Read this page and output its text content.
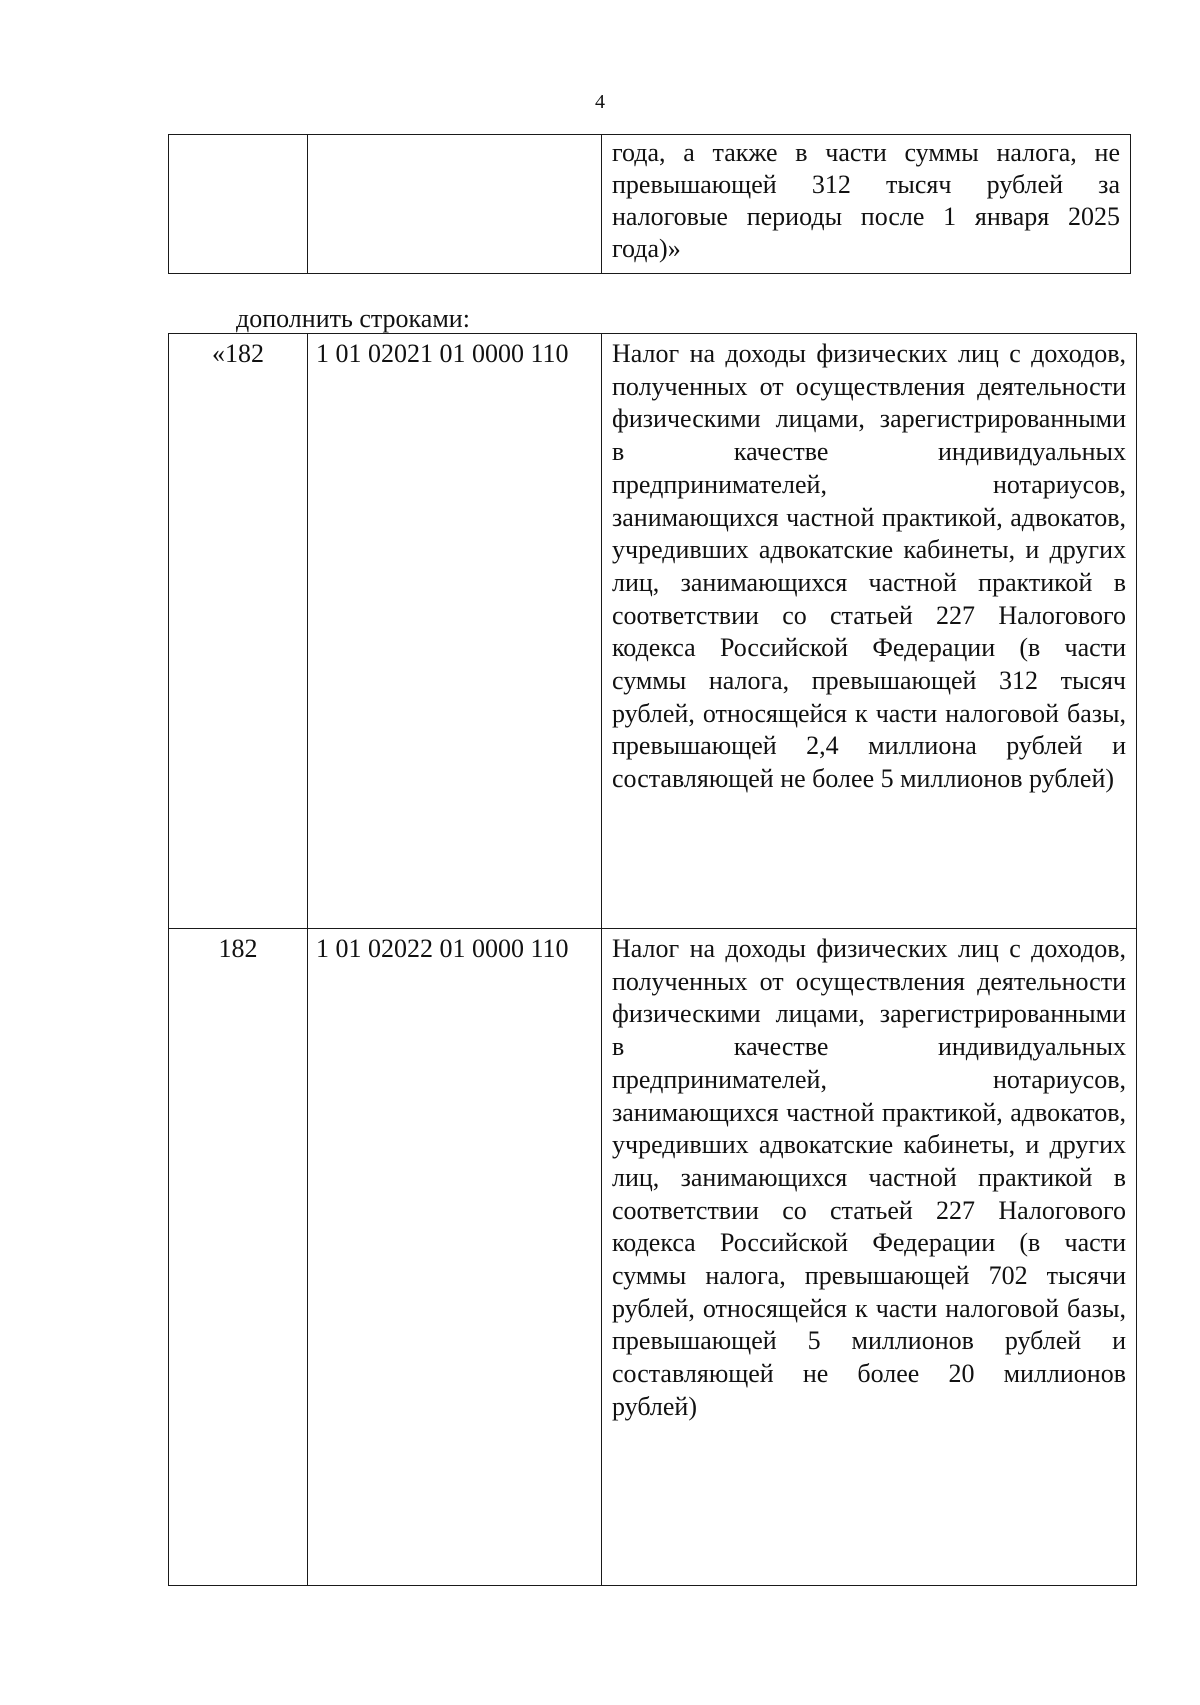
4
		года, а также в части суммы налога, не превышающей 312 тысяч рублей за налоговые периоды после 1 января 2025 года)»
дополнить строками:
«182	1 01 02021 01 0000 110	Налог на доходы физических лиц с доходов, полученных от осуществления деятельности физическими лицами, зарегистрированными в качестве индивидуальных предпринимателей, нотариусов, занимающихся частной практикой, адвокатов, учредивших адвокатские кабинеты, и других лиц, занимающихся частной практикой в соответствии со статьей 227 Налогового кодекса Российской Федерации (в части суммы налога, превышающей 312 тысяч рублей, относящейся к части налоговой базы, превышающей 2,4 миллиона рублей и составляющей не более 5 миллионов рублей)
182	1 01 02022 01 0000 110	Налог на доходы физических лиц с доходов, полученных от осуществления деятельности физическими лицами, зарегистрированными в качестве индивидуальных предпринимателей, нотариусов, занимающихся частной практикой, адвокатов, учредивших адвокатские кабинеты, и других лиц, занимающихся частной практикой в соответствии со статьей 227 Налогового кодекса Российской Федерации (в части суммы налога, превышающей 702 тысячи рублей, относящейся к части налоговой базы, превышающей 5 миллионов рублей и составляющей не более 20 миллионов рублей)
